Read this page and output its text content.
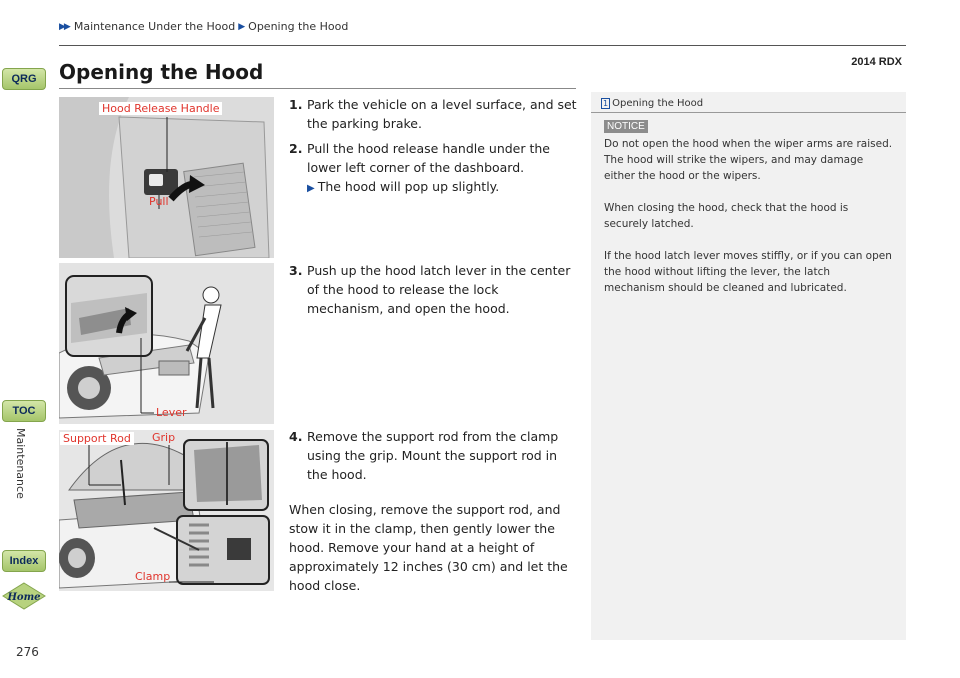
▶▶ Maintenance Under the Hood ▶ Opening the Hood
2014 RDX
Opening the Hood
QRG
TOC
Maintenance
Index
Home
276
Hood Release Handle
Pull
Lever
Support Rod Grip
Clamp
1. Park the vehicle on a level surface, and set the parking brake.
2. Pull the hood release handle under the lower left corner of the dashboard.
▶ The hood will pop up slightly.
3. Push up the hood latch lever in the center of the hood to release the lock mechanism, and open the hood.
4. Remove the support rod from the clamp using the grip. Mount the support rod in the hood.
When closing, remove the support rod, and stow it in the clamp, then gently lower the hood. Remove your hand at a height of approximately 12 inches (30 cm) and let the hood close.
1 Opening the Hood
NOTICE

Do not open the hood when the wiper arms are raised.
The hood will strike the wipers, and may damage either the hood or the wipers.

When closing the hood, check that the hood is securely latched.

If the hood latch lever moves stiffly, or if you can open the hood without lifting the lever, the latch mechanism should be cleaned and lubricated.
